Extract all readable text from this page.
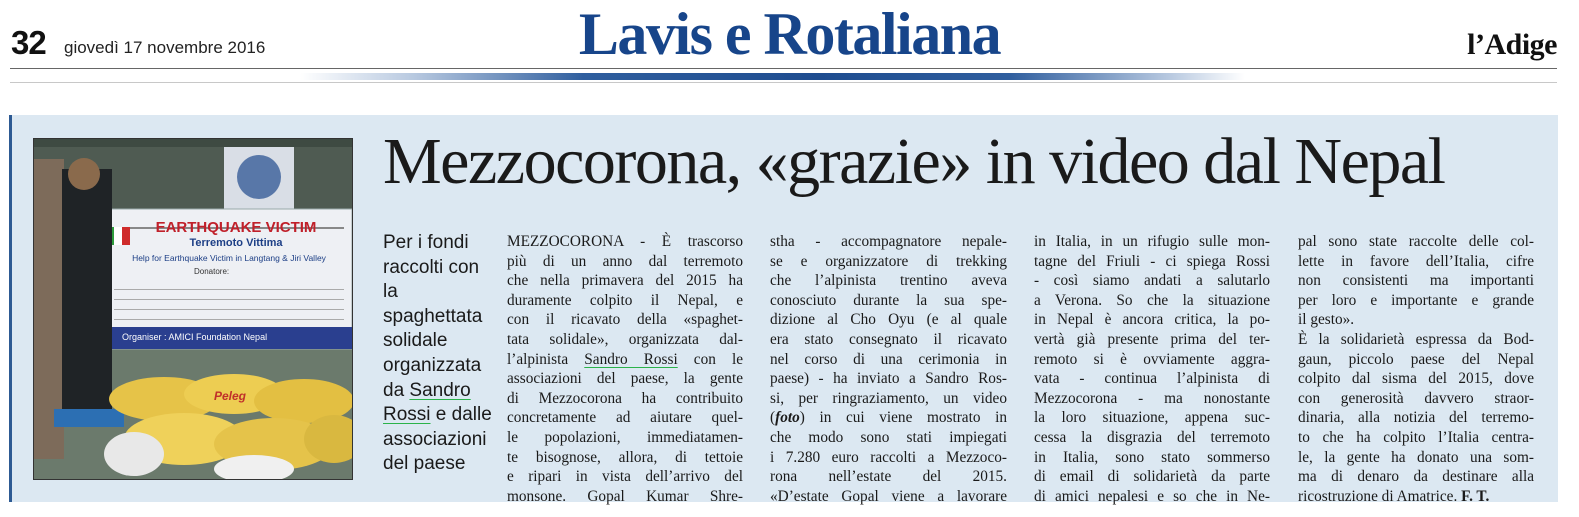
32 giovedì 17 novembre 2016	Lavis e Rotaliana	l’Adige
EARTHQUAKE VICTIM
Terremoto Vittima
Help for Earthquake Victim in Langtang & Jiri Valley
Donatore:
Organiser : AMICI Foundation Nepal
Peleg
Mezzocorona, «grazie» in video dal Nepal
Per i fondi raccolti con la spaghettata solidale organizzata da Sandro Rossi e dalle associazioni del paese
MEZZOCORONA - È trascorso
più di un anno dal terremoto
che nella primavera del 2015 ha
duramente colpito il Nepal, e
con il ricavato della «spaghet-
tata solidale», organizzata dal-
l’alpinista Sandro Rossi con le
associazioni del paese, la gente
di Mezzocorona ha contribuito
concretamente ad aiutare quel-
le popolazioni, immediatamen-
te bisognose, allora, di tettoie
e ripari in vista dell’arrivo del
monsone. Gopal Kumar Shre-
stha - accompagnatore nepale-
se e organizzatore di trekking
che l’alpinista trentino aveva
conosciuto durante la sua spe-
dizione al Cho Oyu (e al quale
era stato consegnato il ricavato
nel corso di una cerimonia in
paese) - ha inviato a Sandro Ros-
si, per ringraziamento, un video
(foto) in cui viene mostrato in
che modo sono stati impiegati
i 7.280 euro raccolti a Mezzoco-
rona nell’estate del 2015.
«D’estate Gopal viene a lavorare
in Italia, in un rifugio sulle mon-
tagne del Friuli - ci spiega Rossi
- così siamo andati a salutarlo
a Verona. So che la situazione
in Nepal è ancora critica, la po-
vertà già presente prima del ter-
remoto si è ovviamente aggra-
vata - continua l’alpinista di
Mezzocorona - ma nonostante
la loro situazione, appena suc-
cessa la disgrazia del terremoto
in Italia, sono stato sommerso
di email di solidarietà da parte
di amici nepalesi e so che in Ne-
pal sono state raccolte delle col-
lette in favore dell’Italia, cifre
non consistenti ma importanti
per loro e importante e grande
il gesto».
È la solidarietà espressa da Bod-
gaun, piccolo paese del Nepal
colpito dal sisma del 2015, dove
con generosità davvero straor-
dinaria, alla notizia del terremo-
to che ha colpito l’Italia centra-
le, la gente ha donato una som-
ma di denaro da destinare alla
ricostruzione di Amatrice. F. T.
